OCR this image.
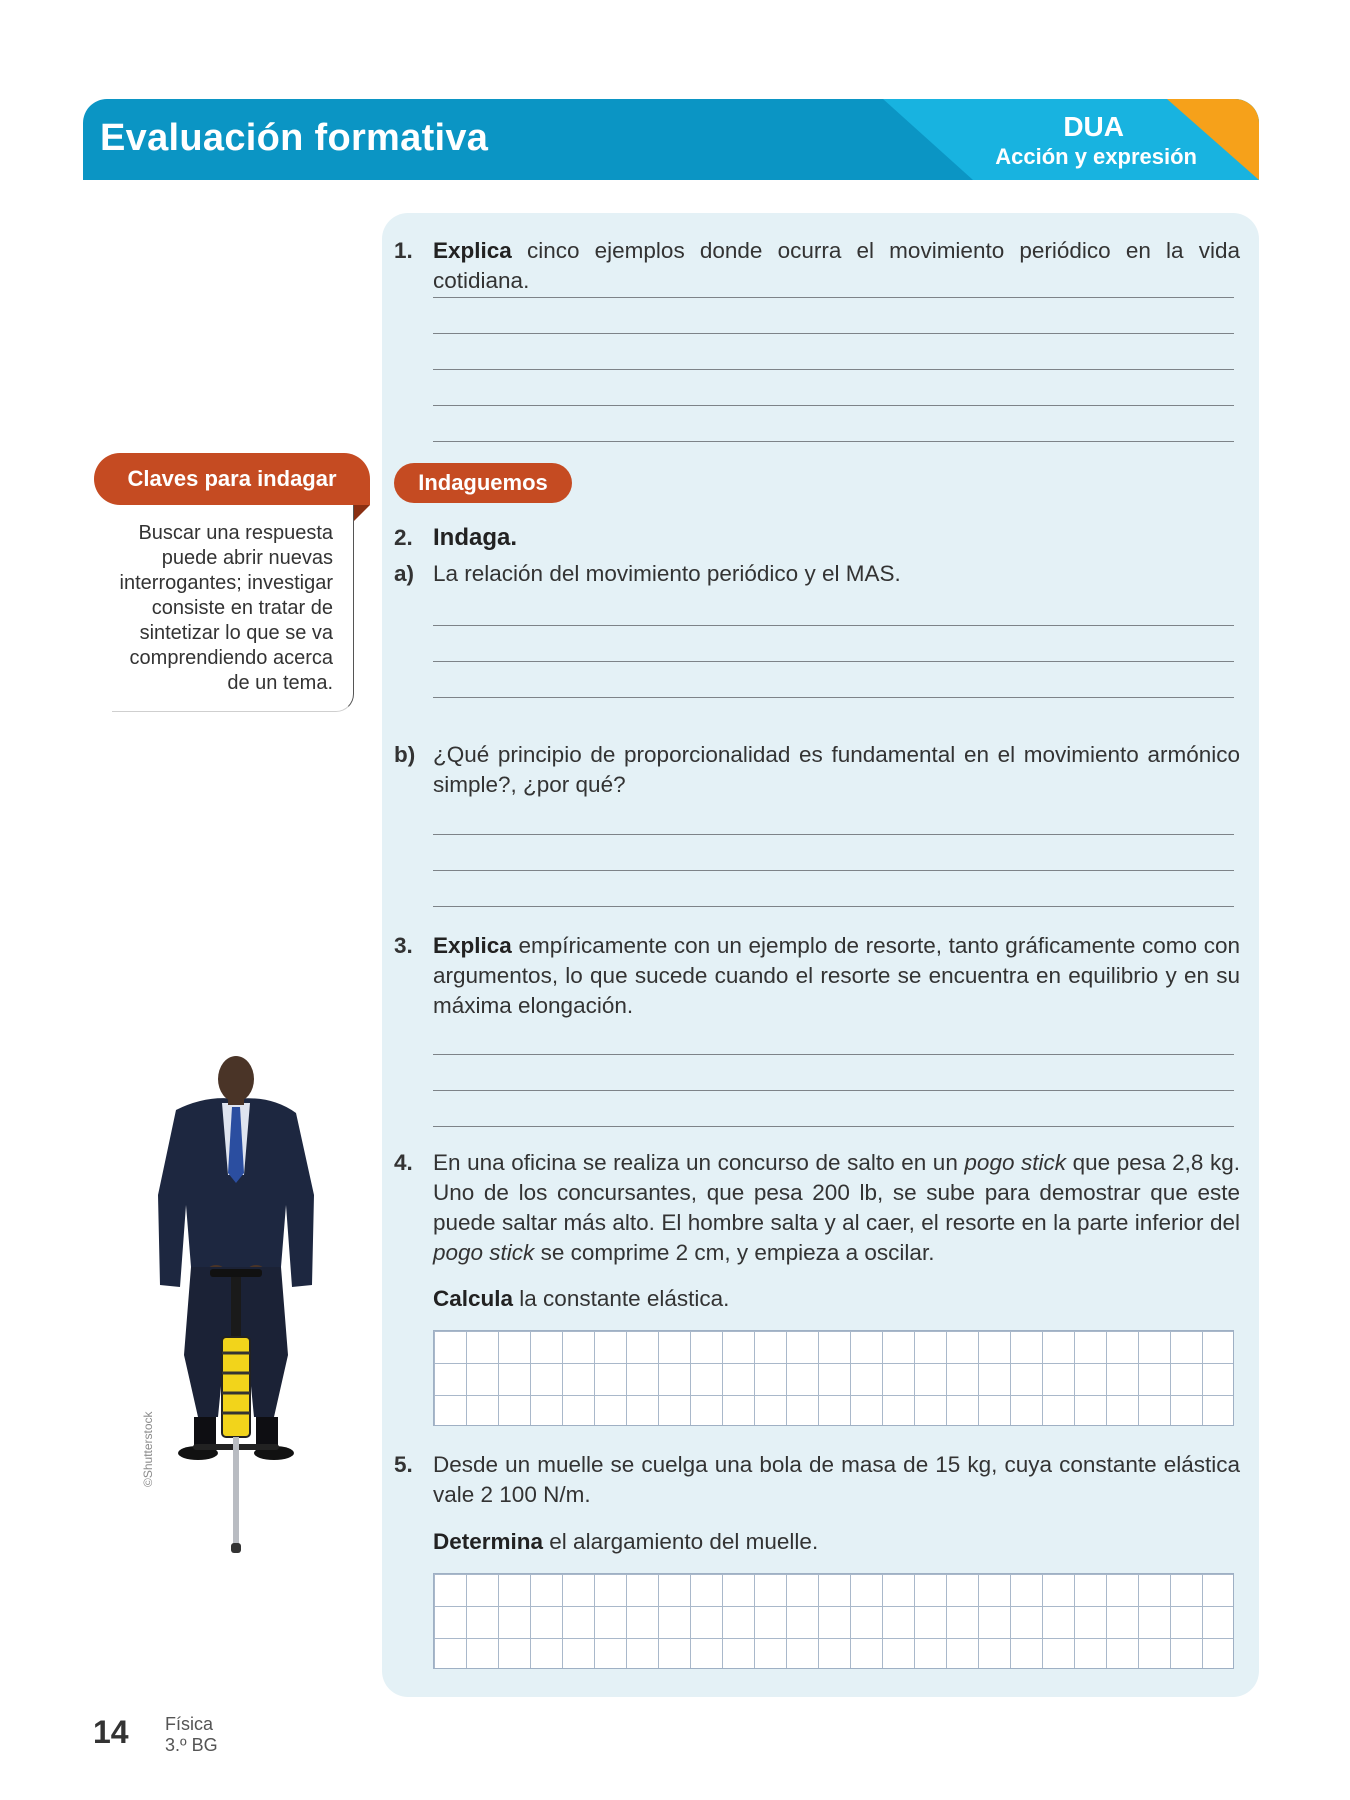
Evaluación formativa	DUA
Acción y expresión
1. Explica cinco ejemplos donde ocurra el movimiento periódico en la vida cotidiana.
Indaguemos
2. Indaga.
a) La relación del movimiento periódico y el MAS.
b) ¿Qué principio de proporcionalidad es fundamental en el movimiento armónico simple?, ¿por qué?
3. Explica empíricamente con un ejemplo de resorte, tanto gráficamente como con argumentos, lo que sucede cuando el resorte se encuentra en equilibrio y en su máxima elongación.
4. En una oficina se realiza un concurso de salto en un pogo stick que pesa 2,8 kg. Uno de los concursantes, que pesa 200 lb, se sube para demostrar que este puede saltar más alto. El hombre salta y al caer, el resorte en la parte inferior del pogo stick se comprime 2 cm, y empieza a oscilar.
Calcula la constante elástica.
5. Desde un muelle se cuelga una bola de masa de 15 kg, cuya constante elástica vale 2 100 N/m.
Determina el alargamiento del muelle.
Buscar una respuesta puede abrir nuevas interrogantes; investigar consiste en tratar de sintetizar lo que se va comprendiendo acerca de un tema.
Claves para indagar
©Shutterstock
14 Física
3.º BG
